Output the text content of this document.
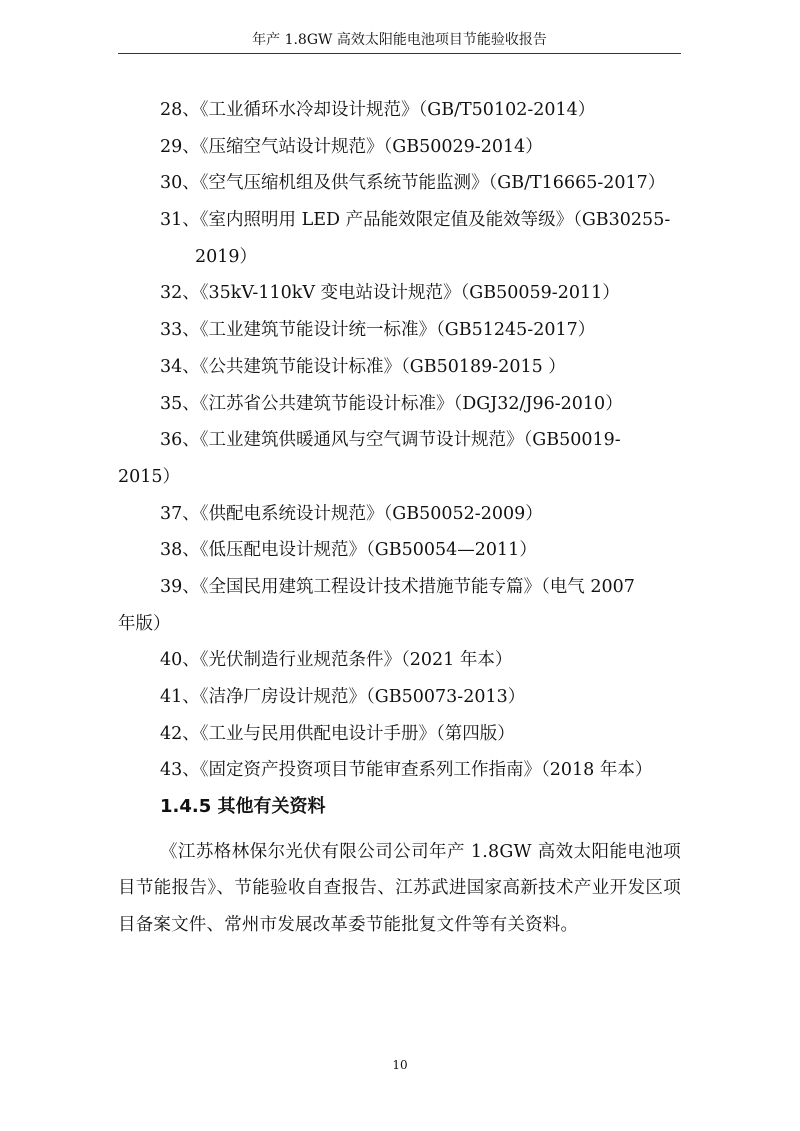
年产 1.8GW 高效太阳能电池项目节能验收报告
28、《工业循环水冷却设计规范》（GB/T50102-2014）
29、《压缩空气站设计规范》（GB50029-2014）
30、《空气压缩机组及供气系统节能监测》（GB/T16665-2017）
31、《室内照明用 LED 产品能效限定值及能效等级》（GB30255-
2019）
32、《35kV-110kV 变电站设计规范》（GB50059-2011）
33、《工业建筑节能设计统一标准》（GB51245-2017）
34、《公共建筑节能设计标准》（GB50189-2015 ）
35、《江苏省公共建筑节能设计标准》（DGJ32/J96-2010）
36、《工业建筑供暖通风与空气调节设计规范》（GB50019-
2015）
37、《供配电系统设计规范》（GB50052-2009）
38、《低压配电设计规范》（GB50054—2011）
39、《全国民用建筑工程设计技术措施节能专篇》（电气 2007
年版）
40、《光伏制造行业规范条件》（2021 年本）
41、《洁净厂房设计规范》（GB50073-2013）
42、《工业与民用供配电设计手册》（第四版）
43、《固定资产投资项目节能审查系列工作指南》（2018 年本）
1.4.5 其他有关资料
《江苏格林保尔光伏有限公司公司年产 1.8GW 高效太阳能电池项目节能报告》、节能验收自查报告、江苏武进国家高新技术产业开发区项目备案文件、常州市发展改革委节能批复文件等有关资料。
10
